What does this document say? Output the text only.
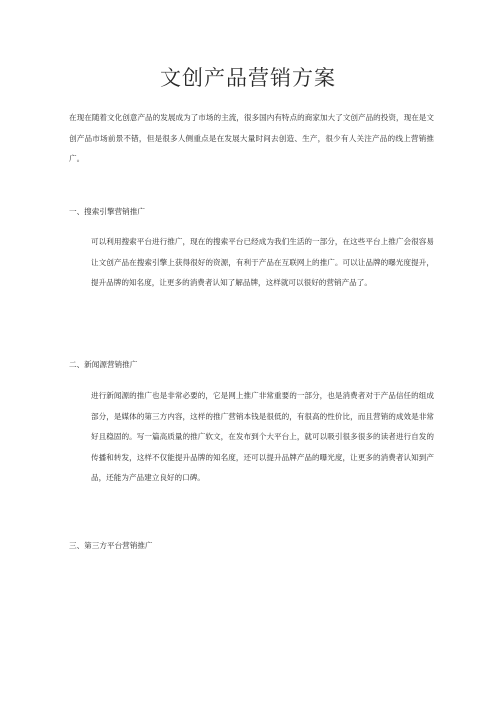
文创产品营销方案

在现在随着文化创意产品的发展成为了市场的主流，很多国内有特点的商家加大了文创产品的投资，现在是文创产品市场前景不错，但是很多人侧重点是在发展大量时间去创造、生产，很少有人关注产品的线上营销推广。

一、搜索引擎营销推广

可以利用搜索平台进行推广，现在的搜索平台已经成为我们生活的一部分，在这些平台上推广会很容易让文创产品在搜索引擎上获得很好的资源，有利于产品在互联网上的推广。可以让品牌的曝光度提升，提升品牌的知名度，让更多的消费者认知了解品牌，这样就可以很好的营销产品了。

二、新闻源营销推广

进行新闻源的推广也是非常必要的，它是网上推广非常重要的一部分，也是消费者对于产品信任的组成部分，是媒体的第三方内容，这样的推广营销本钱是很低的，有很高的性价比，而且营销的成效是非常好且稳固的。写一篇高质量的推广软文，在发布到个大平台上，就可以吸引很多很多的读者进行自发的传播和转发，这样不仅能提升品牌的知名度，还可以提升品牌产品的曝光度，让更多的消费者认知到产品，还能为产品建立良好的口碑。

三、第三方平台营销推广
